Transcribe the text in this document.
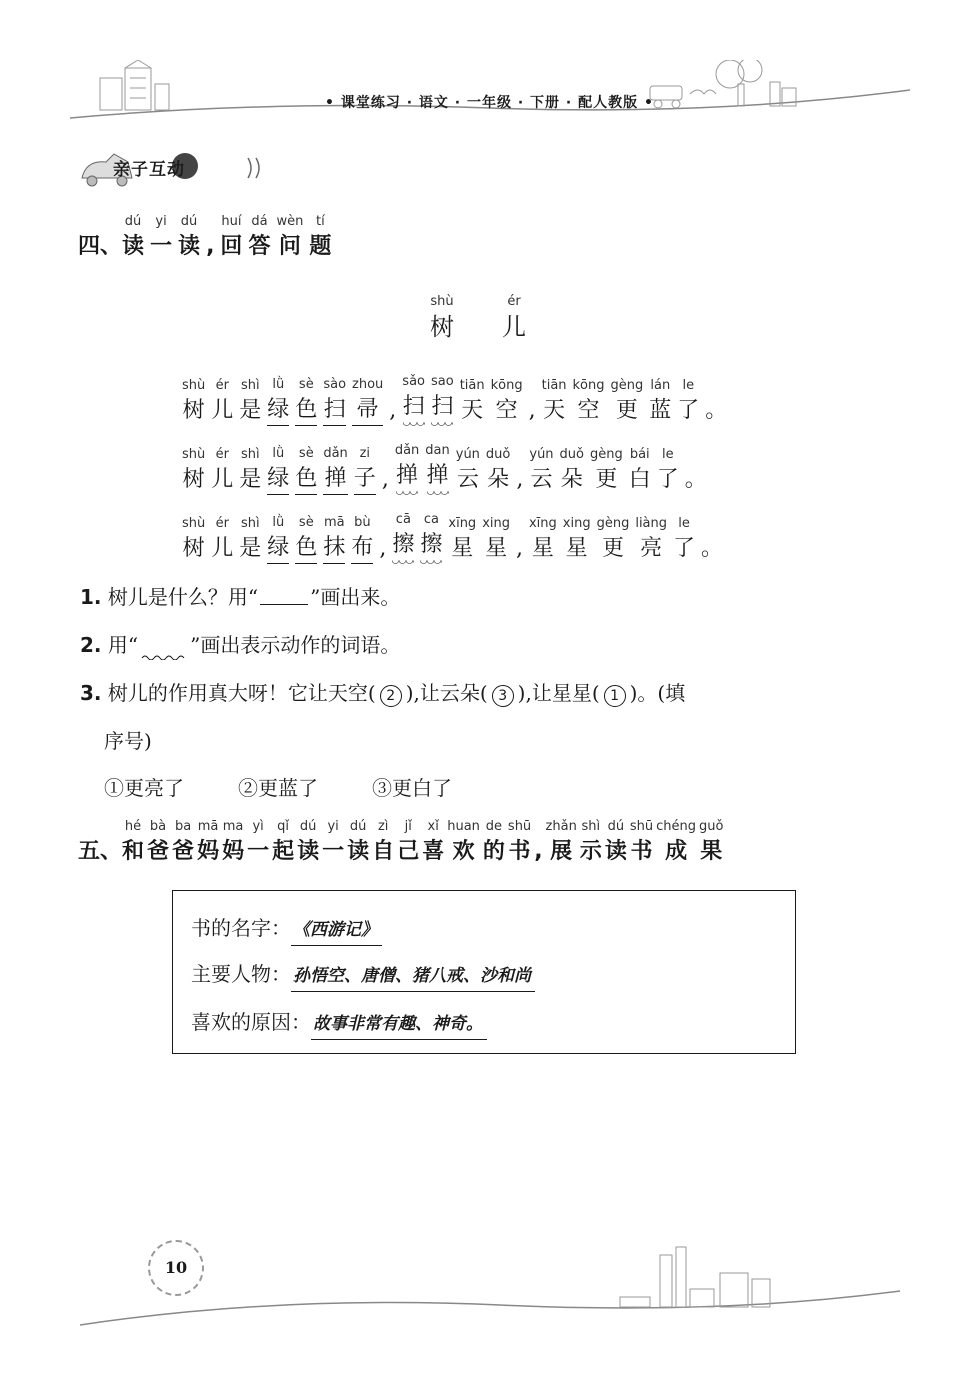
• 课堂练习 · 语文 · 一年级 · 下册 · 配人教版 •
亲子互动
四、
dú
读
yi
一
dú
读 ,
huí
回
dá
答
wèn
问
tí
题
shù
树
ér
儿
shù
树
ér
儿
shì
是
lǜ
绿
sè
色
sào
扫
zhou
帚 ,
sǎo
扫
sao
扫
tiān
天
kōng
空 ,
tiān
天
kōng
空
gèng
更
lán
蓝
le
了 。
shù
树
ér
儿
shì
是
lǜ
绿
sè
色
dǎn
掸
zi
子 ,
dǎn
掸
dan
掸
yún
云
duǒ
朵 ,
yún
云
duǒ
朵
gèng
更
bái
白
le
了 。
shù
树
ér
儿
shì
是
lǜ
绿
sè
色
mā
抹
bù
布 ,
cā
擦
ca
擦
xīng
星
xing
星 ,
xīng
星
xing
星
gèng
更
liàng
亮
le
了 。
1. 树儿是什么？用“	”画出来。
2. 用“	”画出表示动作的词语。
3. 树儿的作用真大呀！它让天空( 2 ),让云朵( 3 ),让星星( 1 )。(填
序号)
①更亮了	②更蓝了	③更白了
五、
hé
和
bà
爸
ba
爸
mā
妈
ma
妈
yì
一
qǐ
起
dú
读
yi
一
dú
读
zì
自
jǐ
己
xǐ
喜
huan
欢
de
的
shū
书 ,
zhǎn
展
shì
示
dú
读
shū
书
chéng
成
guǒ
果
书的名字： 《西游记》
主要人物： 孙悟空、唐僧、猪八戒、沙和尚
喜欢的原因： 故事非常有趣、神奇。
10
